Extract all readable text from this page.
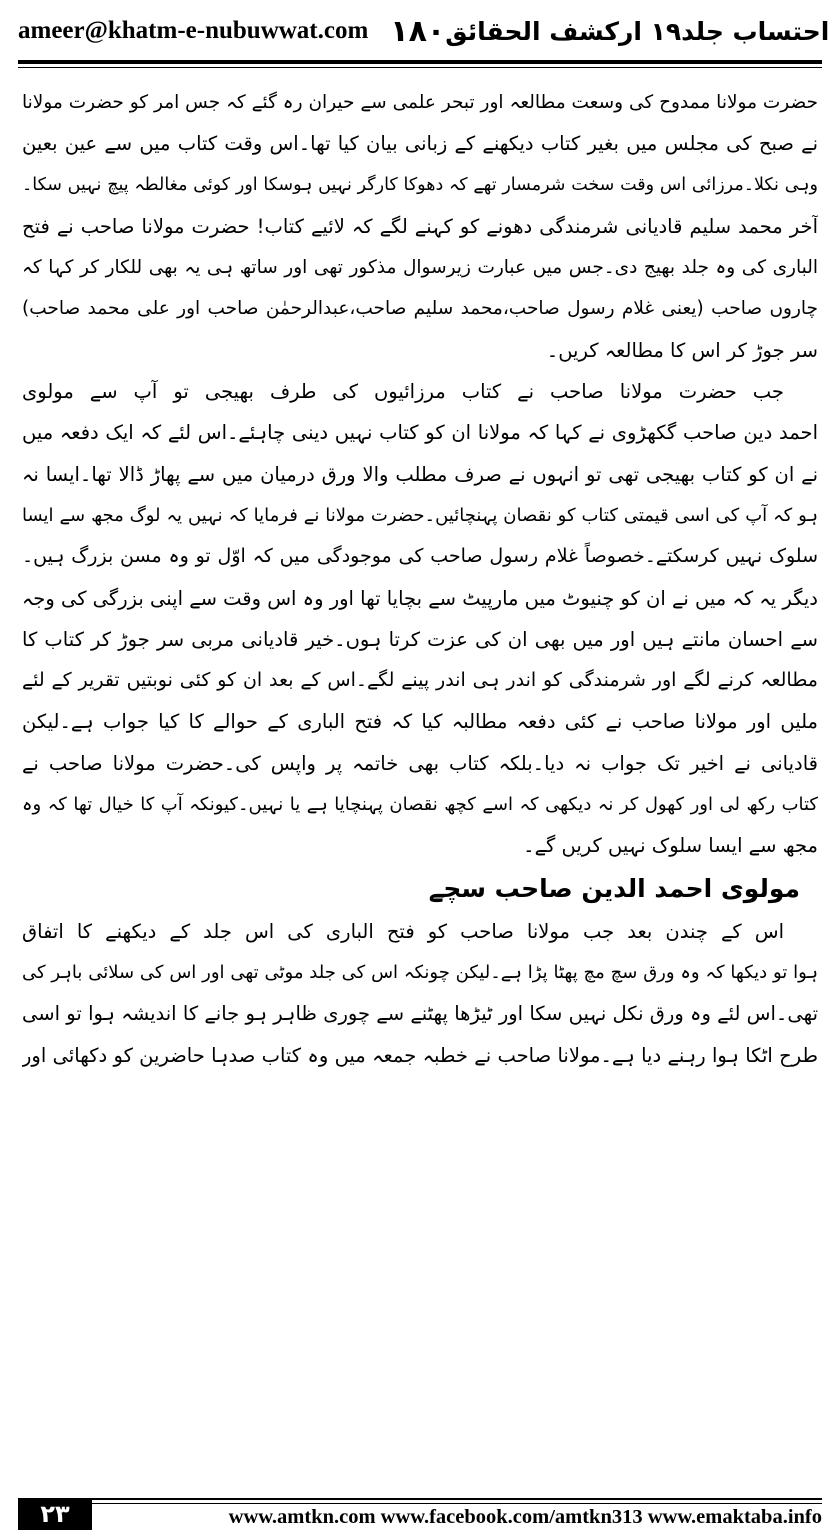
ameer@khatm-e-nubuwwat.com ۱۸۰ احتساب جلد۱۹ ارکشف الحقائق
حضرت مولانا ممدوح کی وسعت مطالعہ اور تبحر علمی سے حیران رہ گئے کہ جس امر کو حضرت مولانا
نے صبح کی مجلس میں بغیر کتاب دیکھنے کے زبانی بیان کیا تھا۔اس وقت کتاب میں سے عین بعین
وہی نکلا۔مرزائی اس وقت سخت شرمسار تھے کہ دھوکا کارگر نہیں ہوسکا اور کوئی مغالطہ پیچ نہیں سکا۔
آخر محمد سلیم قادیانی شرمندگی دھونے کو کہنے لگے کہ لائیے کتاب! حضرت مولانا صاحب نے فتح
الباری کی وہ جلد بھیج دی۔جس میں عبارت زیرسوال مذکور تھی اور ساتھ ہی یہ بھی للکار کر کہا کہ
چاروں صاحب (یعنی غلام رسول صاحب،محمد سلیم صاحب،عبدالرحمٰن صاحب اور علی محمد صاحب)
سر جوڑ کر اس کا مطالعہ کریں۔
جب حضرت مولانا صاحب نے کتاب مرزائیوں کی طرف بھیجی تو آپ سے مولوی
احمد دین صاحب گکھڑوی نے کہا کہ مولانا ان کو کتاب نہیں دینی چاہئے۔اس لئے کہ ایک دفعہ میں
نے ان کو کتاب بھیجی تھی تو انہوں نے صرف مطلب والا ورق درمیان میں سے پھاڑ ڈالا تھا۔ایسا نہ
ہو کہ آپ کی اسی قیمتی کتاب کو نقصان پہنچائیں۔حضرت مولانا نے فرمایا کہ نہیں یہ لوگ مجھ سے ایسا
سلوک نہیں کرسکتے۔خصوصاً غلام رسول صاحب کی موجودگی میں کہ اوّل تو وہ مسن بزرگ ہیں۔
دیگر یہ کہ میں نے ان کو چنیوٹ میں مارپیٹ سے بچایا تھا اور وہ اس وقت سے اپنی بزرگی کی وجہ
سے احسان مانتے ہیں اور میں بھی ان کی عزت کرتا ہوں۔خیر قادیانی مربی سر جوڑ کر کتاب کا
مطالعہ کرنے لگے اور شرمندگی کو اندر ہی اندر پینے لگے۔اس کے بعد ان کو کئی نوبتیں تقریر کے لئے
ملیں اور مولانا صاحب نے کئی دفعہ مطالبہ کیا کہ فتح الباری کے حوالے کا کیا جواب ہے۔لیکن
قادیانی نے اخیر تک جواب نہ دیا۔بلکہ کتاب بھی خاتمہ پر واپس کی۔حضرت مولانا صاحب نے
کتاب رکھ لی اور کھول کر نہ دیکھی کہ اسے کچھ نقصان پہنچایا ہے یا نہیں۔کیونکہ آپ کا خیال تھا کہ وہ
مجھ سے ایسا سلوک نہیں کریں گے۔
مولوی احمد الدین صاحب سچے
اس کے چندن بعد جب مولانا صاحب کو فتح الباری کی اس جلد کے دیکھنے کا اتفاق
ہوا تو دیکھا کہ وہ ورق سچ مچ پھٹا پڑا ہے۔لیکن چونکہ اس کی جلد موٹی تھی اور اس کی سلائی باہر کی
تھی۔اس لئے وہ ورق نکل نہیں سکا اور ٹیڑھا پھٹنے سے چوری ظاہر ہو جانے کا اندیشہ ہوا تو اسی
طرح اٹکا ہوا رہنے دیا ہے۔مولانا صاحب نے خطبہ جمعہ میں وہ کتاب صدہا حاضرین کو دکھائی اور
۲۳	www.amtkn.com www.facebook.com/amtkn313 www.emaktaba.info
